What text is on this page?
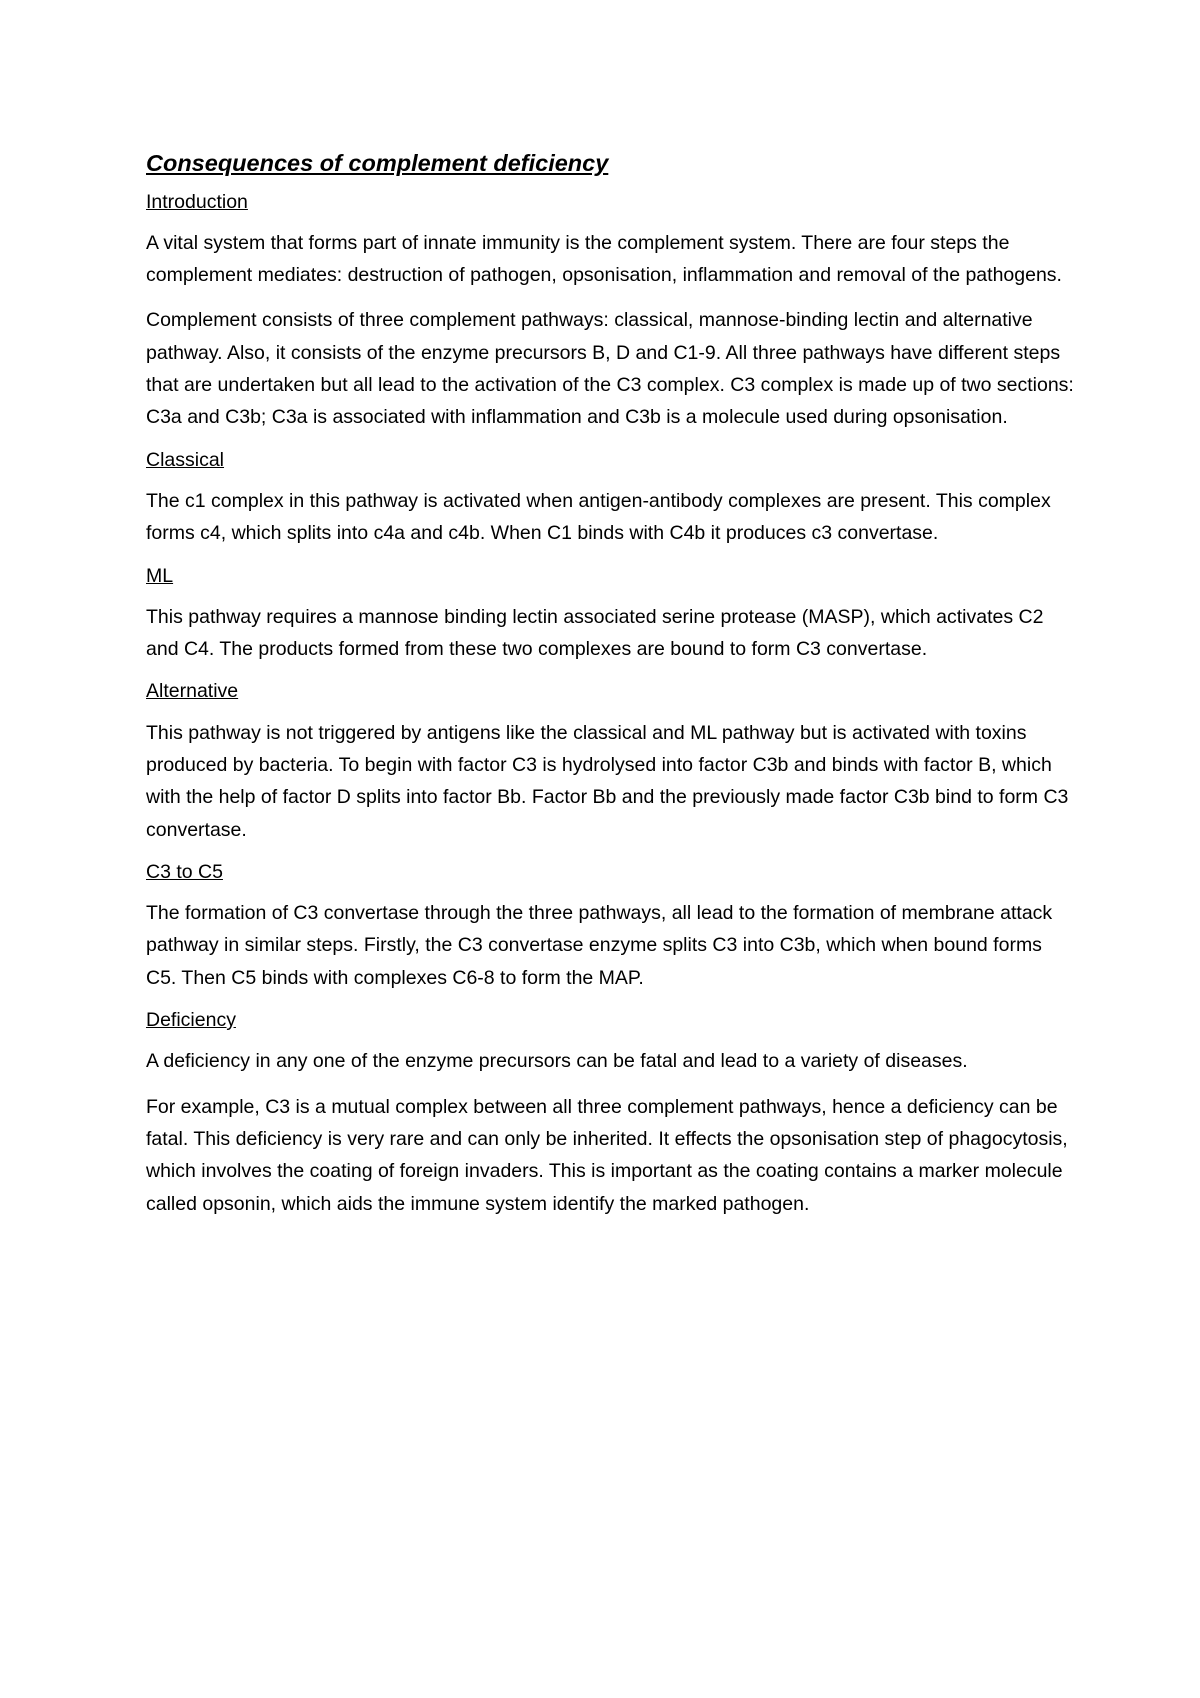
Consequences of complement deficiency
Introduction

A vital system that forms part of innate immunity is the complement system. There are four steps the complement mediates: destruction of pathogen, opsonisation, inflammation and removal of the pathogens.

Complement consists of three complement pathways: classical, mannose-binding lectin and alternative pathway. Also, it consists of the enzyme precursors B, D and C1-9. All three pathways have different steps that are undertaken but all lead to the activation of the C3 complex. C3 complex is made up of two sections: C3a and C3b; C3a is associated with inflammation and C3b is a molecule used during opsonisation.

Classical

The c1 complex in this pathway is activated when antigen-antibody complexes are present. This complex forms c4, which splits into c4a and c4b. When C1 binds with C4b it produces c3 convertase.

ML

This pathway requires a mannose binding lectin associated serine protease (MASP), which activates C2 and C4. The products formed from these two complexes are bound to form C3 convertase.

Alternative

This pathway is not triggered by antigens like the classical and ML pathway but is activated with toxins produced by bacteria. To begin with factor C3 is hydrolysed into factor C3b and binds with factor B, which with the help of factor D splits into factor Bb. Factor Bb and the previously made factor C3b bind to form C3 convertase.

C3 to C5

The formation of C3 convertase through the three pathways, all lead to the formation of membrane attack pathway in similar steps. Firstly, the C3 convertase enzyme splits C3 into C3b, which when bound forms C5. Then C5 binds with complexes C6-8 to form the MAP.

Deficiency

A deficiency in any one of the enzyme precursors can be fatal and lead to a variety of diseases.

For example, C3 is a mutual complex between all three complement pathways, hence a deficiency can be fatal. This deficiency is very rare and can only be inherited. It effects the opsonisation step of phagocytosis, which involves the coating of foreign invaders. This is important as the coating contains a marker molecule called opsonin, which aids the immune system identify the marked pathogen.
